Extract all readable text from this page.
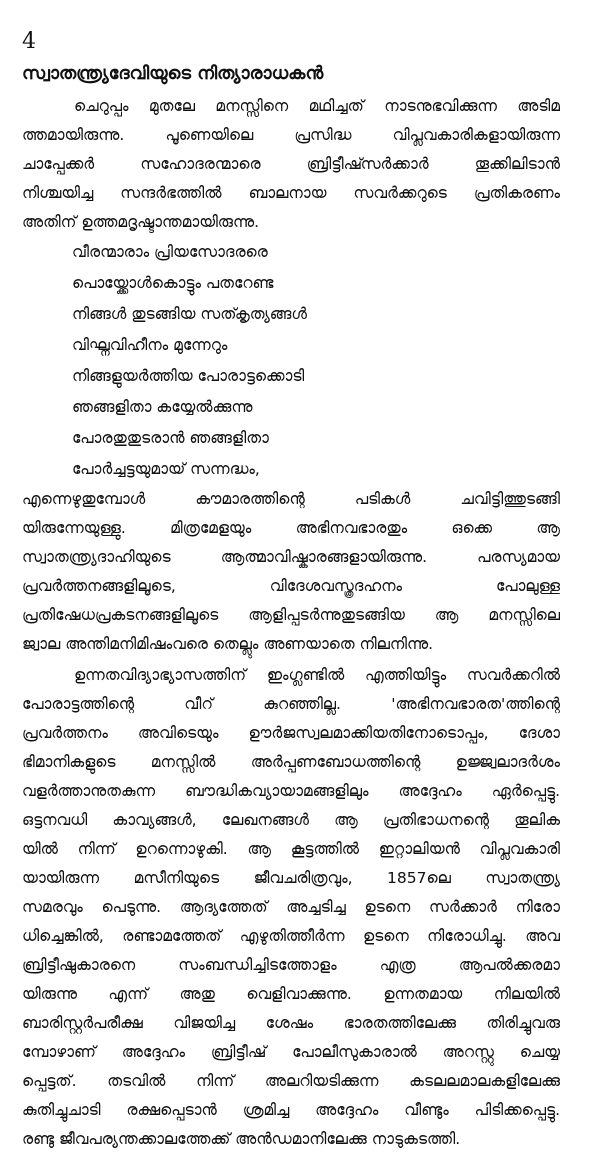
4
സ്വാതന്ത്ര്യദേവിയുടെ നിത്യാരാധകൻ
ചെറുപ്പം മുതലേ മനസ്സിനെ മഥിച്ചത് നാടനുഭവിക്കുന്ന അടിമ
ത്തമായിരുന്നു. പൂണെയിലെ പ്രസിദ്ധ വിപ്ലവകാരികളായിരുന്ന
ചാപ്പേക്കർ സഹോദരന്മാരെ ബ്രിട്ടീഷ്സർക്കാർ തൂക്കിലിടാൻ
നിശ്ചയിച്ച സന്ദർഭത്തിൽ ബാലനായ സവർക്കറുടെ പ്രതികരണം
അതിന് ഉത്തമദൃഷ്ടാന്തമായിരുന്നു.
വീരന്മാരാം പ്രിയസോദരരെ
പൊയ്ക്കോൾകൊട്ടും പതറേണ്ട
നിങ്ങൾ തുടങ്ങിയ സത്കൃത്യങ്ങൾ
വിഘ്നവിഹീനം മുന്നേറും
നിങ്ങളുയർത്തിയ പോരാട്ടക്കൊടി
ഞങ്ങളിതാ കയ്യേൽക്കുന്നു
പോരതുതുടരാൻ ഞങ്ങളിതാ
പോർച്ചട്ടയുമായ് സന്നദ്ധം,
എന്നെഴുതുമ്പോൾ കൗമാരത്തിന്റെ പടികൾ ചവിട്ടിത്തുടങ്ങി
യിരുന്നേയുള്ളു. മിത്രമേളയും അഭിനവഭാരതും ഒക്കെ ആ
സ്വാതന്ത്ര്യദാഹിയുടെ ആത്മാവിഷ്കാരങ്ങളായിരുന്നു. പരസ്യമായ
പ്രവർത്തനങ്ങളിലൂടെ, വിദേശവസ്ത്രദഹനം പോലുള്ള
പ്രതിഷേധപ്രകടനങ്ങളിലൂടെ ആളിപ്പടർന്നുതുടങ്ങിയ ആ മനസ്സിലെ
ജ്വാല അന്തിമനിമിഷംവരെ തെല്ലും അണയാതെ നിലനിന്നു.
ഉന്നതവിദ്യാഭ്യാസത്തിന് ഇംഗ്ലണ്ടിൽ എത്തിയിട്ടും സവർക്കറിൽ
പോരാട്ടത്തിന്റെ വീറ് കുറഞ്ഞില്ല. 'അഭിനവഭാരത'ത്തിന്റെ
പ്രവർത്തനം അവിടെയും ഊർജസ്വലമാക്കിയതിനോടൊപ്പം, ദേശാ
ഭിമാനികളുടെ മനസ്സിൽ അർപ്പണബോധത്തിന്റെ ഉജ്ജ്വലാദർശം
വളർത്താനുതകുന്ന ബൗദ്ധികവ്യായാമങ്ങളിലും അദ്ദേഹം ഏർപ്പെട്ടു.
ഒട്ടനവധി കാവ്യങ്ങൾ, ലേഖനങ്ങൾ ആ പ്രതിഭാധനന്റെ തൂലിക
യിൽ നിന്ന് ഉറന്നൊഴുകി. ആ കൂട്ടത്തിൽ ഇറ്റാലിയൻ വിപ്ലവകാരി
യായിരുന്ന മസീനിയുടെ ജീവചരിത്രവും, 1857ലെ സ്വാതന്ത്ര്യ
സമരവും പെടുന്നു. ആദ്യത്തേത് അച്ചടിച്ച ഉടനെ സർക്കാർ നിരോ
ധിച്ചെങ്കിൽ, രണ്ടാമത്തേത് എഴുതിത്തീർന്ന ഉടനെ നിരോധിച്ചു. അവ
ബ്രിട്ടീഷുകാരനെ സംബന്ധിച്ചിടത്തോളം എത്ര ആപൽക്കരമാ
യിരുന്നു എന്ന് അതു വെളിവാക്കുന്നു. ഉന്നതമായ നിലയിൽ
ബാരിസ്റ്റർപരീക്ഷ വിജയിച്ച ശേഷം ഭാരതത്തിലേക്കു തിരിച്ചുവരു
മ്പോഴാണ് അദ്ദേഹം ബ്രിട്ടീഷ് പോലീസുകാരാൽ അറസ്റ്റു ചെയ്യ
പ്പെട്ടത്. തടവിൽ നിന്ന് അലറിയടിക്കുന്ന കടലലമാലകളിലേക്കു
കുതിച്ചുചാടി രക്ഷപ്പെടാൻ ശ്രമിച്ച അദ്ദേഹം വീണ്ടും പിടിക്കപ്പെട്ടു.
രണ്ടു ജീവപര്യന്തക്കാലത്തേക്ക് അൻഡമാനിലേക്കു നാടുകടത്തി.
